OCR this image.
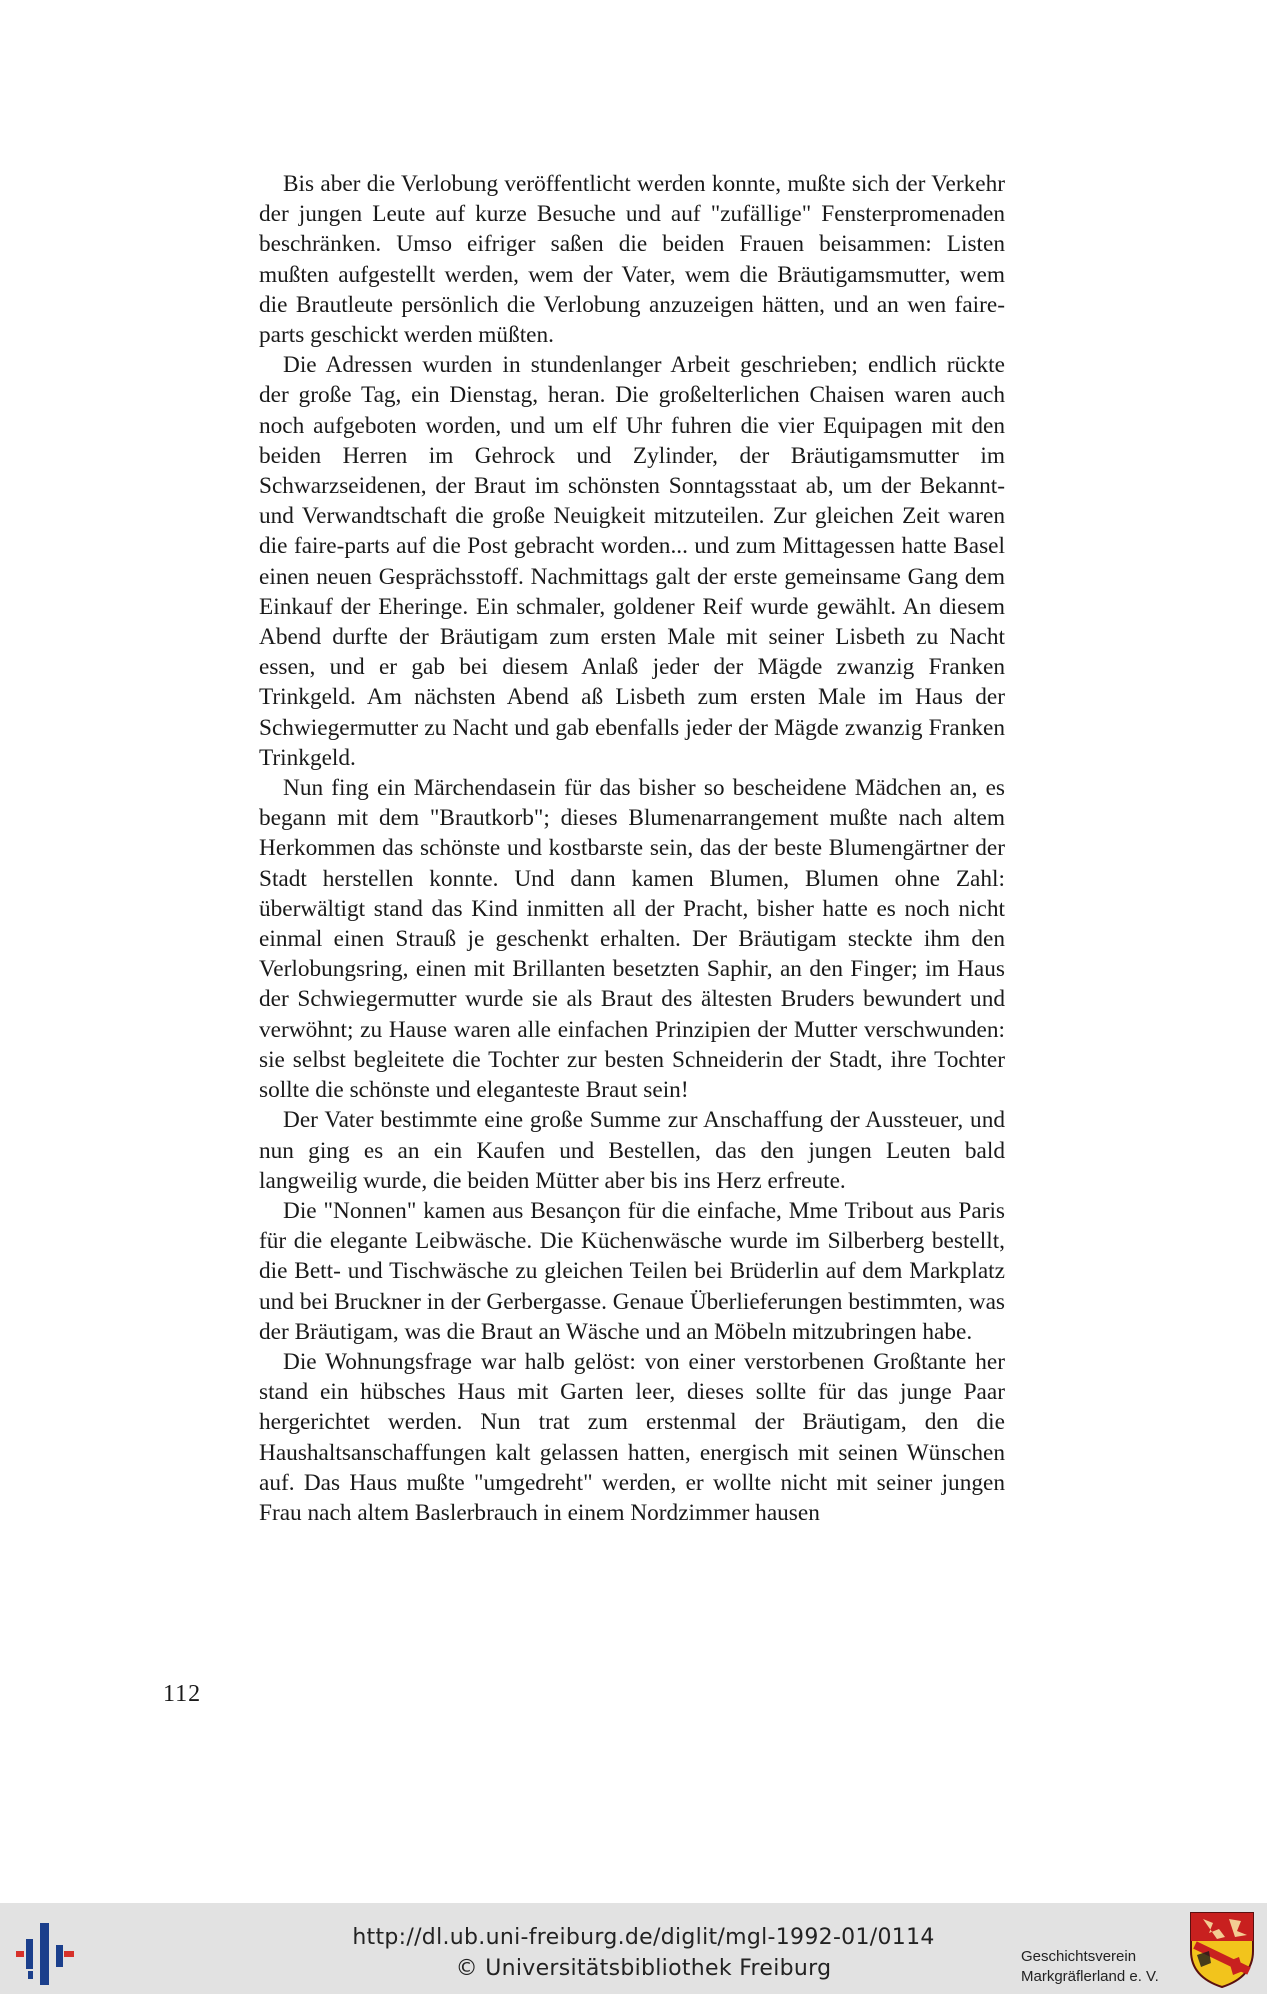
Bis aber die Verlobung veröffentlicht werden konnte, mußte sich der Verkehr der jungen Leute auf kurze Besuche und auf "zufällige" Fensterpromenaden beschränken. Umso eifriger saßen die beiden Frauen beisammen: Listen mußten aufgestellt werden, wem der Vater, wem die Bräutigamsmutter, wem die Brautleute persönlich die Verlobung anzuzeigen hätten, und an wen faire-parts geschickt werden müßten.

Die Adressen wurden in stundenlanger Arbeit geschrieben; endlich rückte der große Tag, ein Dienstag, heran. Die großelterlichen Chaisen waren auch noch aufgeboten worden, und um elf Uhr fuhren die vier Equipagen mit den beiden Herren im Gehrock und Zylinder, der Bräutigamsmutter im Schwarzseidenen, der Braut im schönsten Sonntagsstaat ab, um der Bekannt- und Verwandtschaft die große Neuigkeit mitzuteilen. Zur gleichen Zeit waren die faire-parts auf die Post gebracht worden... und zum Mittagessen hatte Basel einen neuen Gesprächsstoff. Nachmittags galt der erste gemeinsame Gang dem Einkauf der Eheringe. Ein schmaler, goldener Reif wurde gewählt. An diesem Abend durfte der Bräutigam zum ersten Male mit seiner Lisbeth zu Nacht essen, und er gab bei diesem Anlaß jeder der Mägde zwanzig Franken Trinkgeld. Am nächsten Abend aß Lisbeth zum ersten Male im Haus der Schwiegermutter zu Nacht und gab ebenfalls jeder der Mägde zwanzig Franken Trinkgeld.

Nun fing ein Märchendasein für das bisher so bescheidene Mädchen an, es begann mit dem "Brautkorb"; dieses Blumenarrangement mußte nach altem Herkommen das schönste und kostbarste sein, das der beste Blumengärtner der Stadt herstellen konnte. Und dann kamen Blumen, Blumen ohne Zahl: überwältigt stand das Kind inmitten all der Pracht, bisher hatte es noch nicht einmal einen Strauß je geschenkt erhalten. Der Bräutigam steckte ihm den Verlobungsring, einen mit Brillanten besetzten Saphir, an den Finger; im Haus der Schwiegermutter wurde sie als Braut des ältesten Bruders bewundert und verwöhnt; zu Hause waren alle einfachen Prinzipien der Mutter verschwunden: sie selbst begleitete die Tochter zur besten Schneiderin der Stadt, ihre Tochter sollte die schönste und eleganteste Braut sein!

Der Vater bestimmte eine große Summe zur Anschaffung der Aussteuer, und nun ging es an ein Kaufen und Bestellen, das den jungen Leuten bald langweilig wurde, die beiden Mütter aber bis ins Herz erfreute.

Die "Nonnen" kamen aus Besançon für die einfache, Mme Tribout aus Paris für die elegante Leibwäsche. Die Küchenwäsche wurde im Silberberg bestellt, die Bett- und Tischwäsche zu gleichen Teilen bei Brüderlin auf dem Markplatz und bei Bruckner in der Gerbergasse. Genaue Überlieferungen bestimmten, was der Bräutigam, was die Braut an Wäsche und an Möbeln mitzubringen habe.

Die Wohnungsfrage war halb gelöst: von einer verstorbenen Großtante her stand ein hübsches Haus mit Garten leer, dieses sollte für das junge Paar hergerichtet werden. Nun trat zum erstenmal der Bräutigam, den die Haushaltsanschaffungen kalt gelassen hatten, energisch mit seinen Wünschen auf. Das Haus mußte "umgedreht" werden, er wollte nicht mit seiner jungen Frau nach altem Baslerbrauch in einem Nordzimmer hausen

112
http://dl.ub.uni-freiburg.de/diglit/mgl-1992-01/0114
© Universitätsbibliothek Freiburg	Geschichtsverein
Markgräflerland e. V.
